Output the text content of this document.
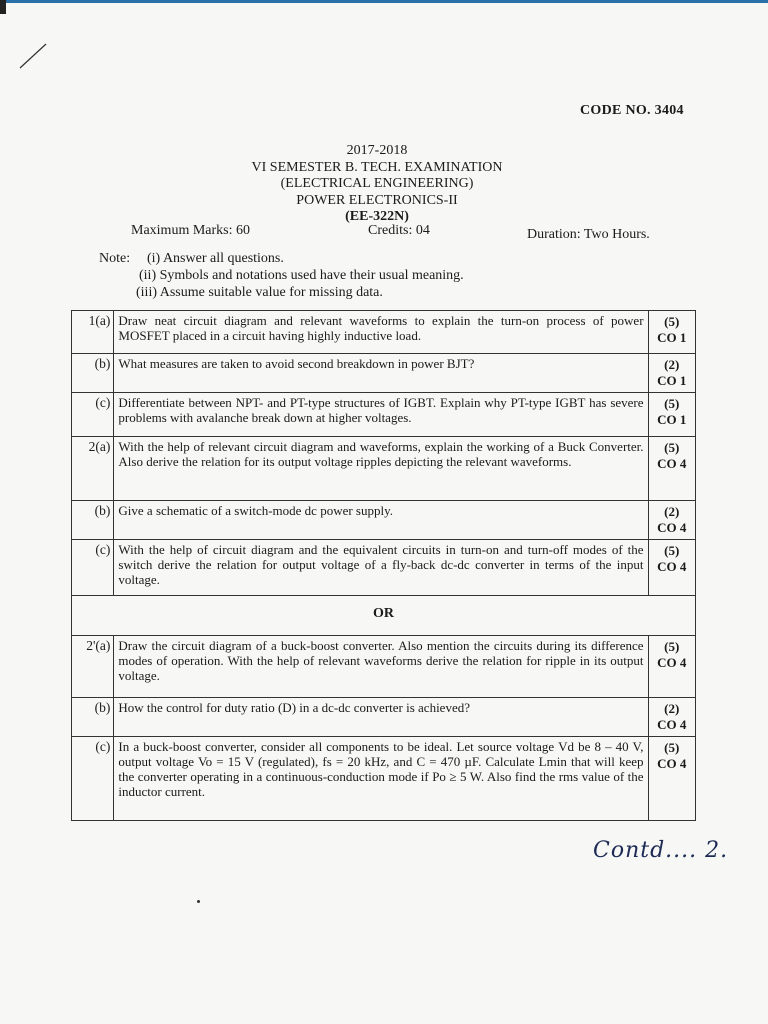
CODE NO. 3404
2017-2018
VI SEMESTER B. TECH. EXAMINATION
(ELECTRICAL ENGINEERING)
POWER ELECTRONICS-II
(EE-322N)
Maximum Marks: 60	Credits: 04	Duration: Two Hours.
Note: (i) Answer all questions.
(ii) Symbols and notations used have their usual meaning.
(iii) Assume suitable value for missing data.
1(a)	Draw neat circuit diagram and relevant waveforms to explain the turn-on process of power MOSFET placed in a circuit having highly inductive load.	(5)
CO 1

(b)	What measures are taken to avoid second breakdown in power BJT?	(2)
CO 1

(c)	Differentiate between NPT- and PT-type structures of IGBT. Explain why PT-type IGBT has severe problems with avalanche break down at higher voltages.	(5)
CO 1

2(a)	With the help of relevant circuit diagram and waveforms, explain the working of a Buck Converter. Also derive the relation for its output voltage ripples depicting the relevant waveforms.	(5)
CO 4

(b)	Give a schematic of a switch-mode dc power supply.	(2)
CO 4

(c)	With the help of circuit diagram and the equivalent circuits in turn-on and turn-off modes of the switch derive the relation for output voltage of a fly-back dc-dc converter in terms of the input voltage.	(5)
CO 4

OR		
2'(a)	Draw the circuit diagram of a buck-boost converter. Also mention the circuits during its difference modes of operation. With the help of relevant waveforms derive the relation for ripple in its output voltage.	(5)
CO 4

(b)	How the control for duty ratio (D) in a dc-dc converter is achieved?	(2)
CO 4

(c)	In a buck-boost converter, consider all components to be ideal. Let source voltage Vd be 8 – 40 V, output voltage Vo = 15 V (regulated), fs = 20 kHz, and C = 470 µF. Calculate Lmin that will keep the converter operating in a continuous-conduction mode if Po ≥ 5 W. Also find the rms value of the inductor current.	(5)
CO 4
Contd.... 2.
